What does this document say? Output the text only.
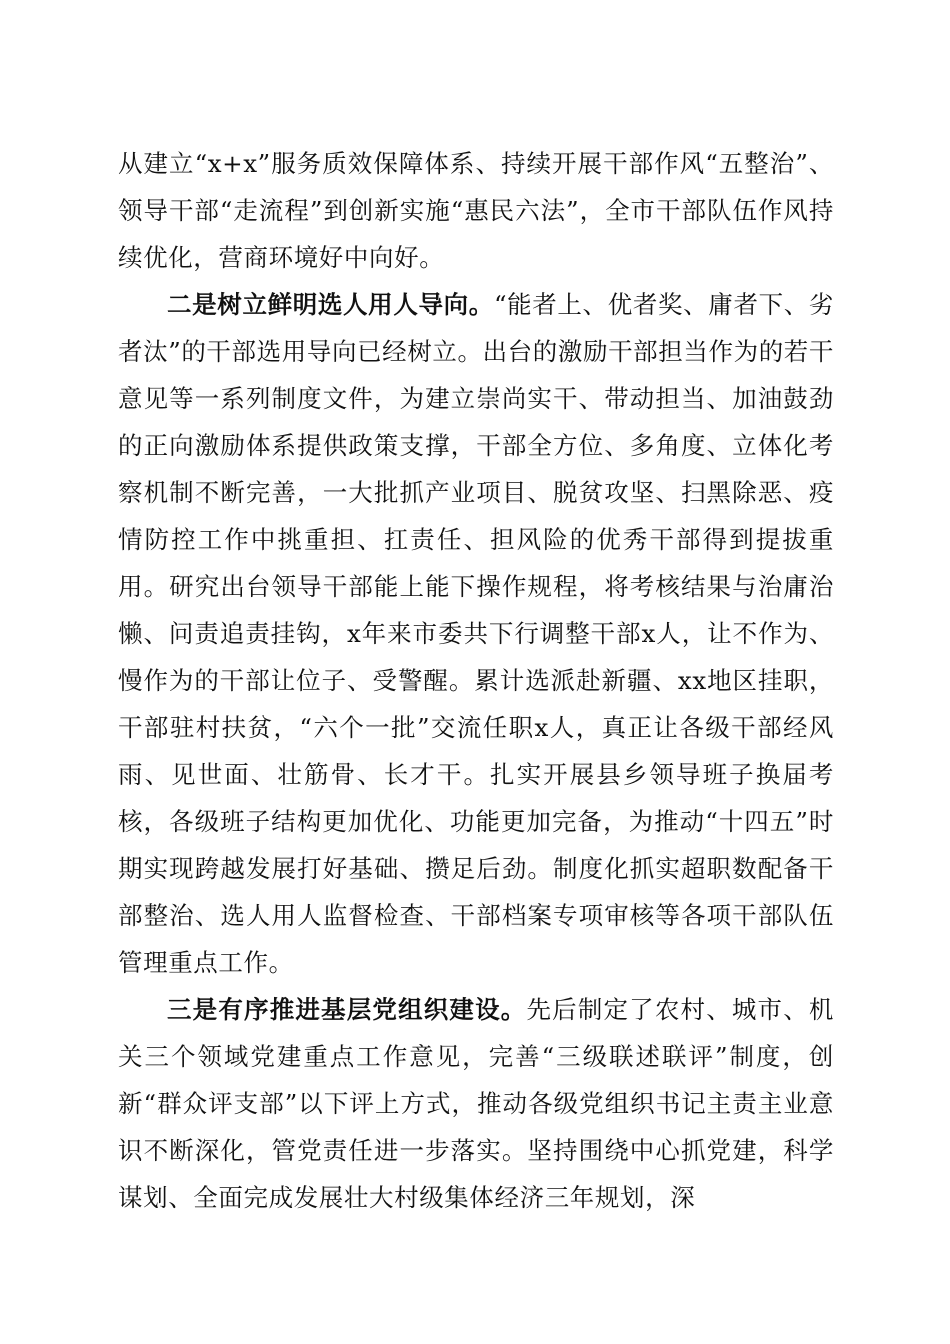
从建立“x+x”服务质效保障体系、持续开展干部作风“五整治”、领导干部“走流程”到创新实施“惠民六法”，全市干部队伍作风持续优化，营商环境好中向好。

二是树立鲜明选人用人导向。“能者上、优者奖、庸者下、劣者汰”的干部选用导向已经树立。出台的激励干部担当作为的若干意见等一系列制度文件，为建立崇尚实干、带动担当、加油鼓劲的正向激励体系提供政策支撑，干部全方位、多角度、立体化考察机制不断完善，一大批抓产业项目、脱贫攻坚、扫黑除恶、疫情防控工作中挑重担、扛责任、担风险的优秀干部得到提拔重用。研究出台领导干部能上能下操作规程，将考核结果与治庸治懒、问责追责挂钩，x年来市委共下行调整干部x人，让不作为、慢作为的干部让位子、受警醒。累计选派赴新疆、xx地区挂职，干部驻村扶贫，“六个一批”交流任职x人，真正让各级干部经风雨、见世面、壮筋骨、长才干。扎实开展县乡领导班子换届考核，各级班子结构更加优化、功能更加完备，为推动“十四五”时期实现跨越发展打好基础、攒足后劲。制度化抓实超职数配备干部整治、选人用人监督检查、干部档案专项审核等各项干部队伍管理重点工作。

三是有序推进基层党组织建设。先后制定了农村、城市、机关三个领域党建重点工作意见，完善“三级联述联评”制度，创新“群众评支部”以下评上方式，推动各级党组织书记主责主业意识不断深化，管党责任进一步落实。坚持围绕中心抓党建，科学谋划、全面完成发展壮大村级集体经济三年规划，深
